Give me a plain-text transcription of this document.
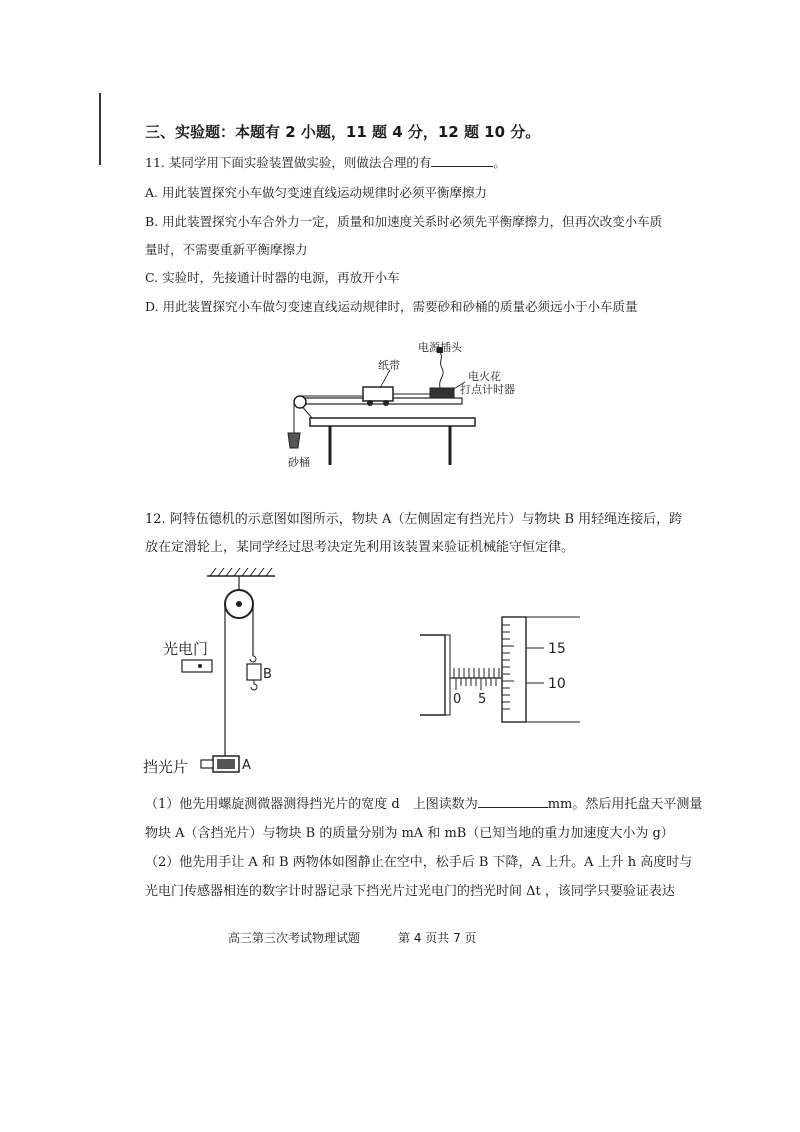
三、实验题：本题有 2 小题，11 题 4 分，12 题 10 分。
11. 某同学用下面实验装置做实验，则做法合理的有	。
A. 用此装置探究小车做匀变速直线运动规律时必须平衡摩擦力
B. 用此装置探究小车合外力一定，质量和加速度关系时必须先平衡摩擦力，但再次改变小车质
量时，不需要重新平衡摩擦力
C. 实验时，先接通计时器的电源，再放开小车
D. 用此装置探究小车做匀变速直线运动规律时，需要砂和砂桶的质量必须远小于小车质量
电源插头
纸带
电火花
打点计时器
砂桶
12. 阿特伍德机的示意图如图所示，物块 A（左侧固定有挡光片）与物块 B 用轻绳连接后，跨
放在定滑轮上，某同学经过思考决定先利用该装置来验证机械能守恒定律。
B
光电门
A
挡光片
0 5
15
10
（1）他先用螺旋测微器测得挡光片的宽度 d　上图读数为	mm。然后用托盘天平测量
物块 A（含挡光片）与物块 B 的质量分别为 mA 和 mB（已知当地的重力加速度大小为 g）
（2）他先用手让 A 和 B 两物体如图静止在空中，松手后 B 下降，A 上升。A 上升 h 高度时与
光电门传感器相连的数字计时器记录下挡光片过光电门的挡光时间 Δt ，该同学只要验证表达
高三第三次考试物理试题	第 4 页共 7 页
